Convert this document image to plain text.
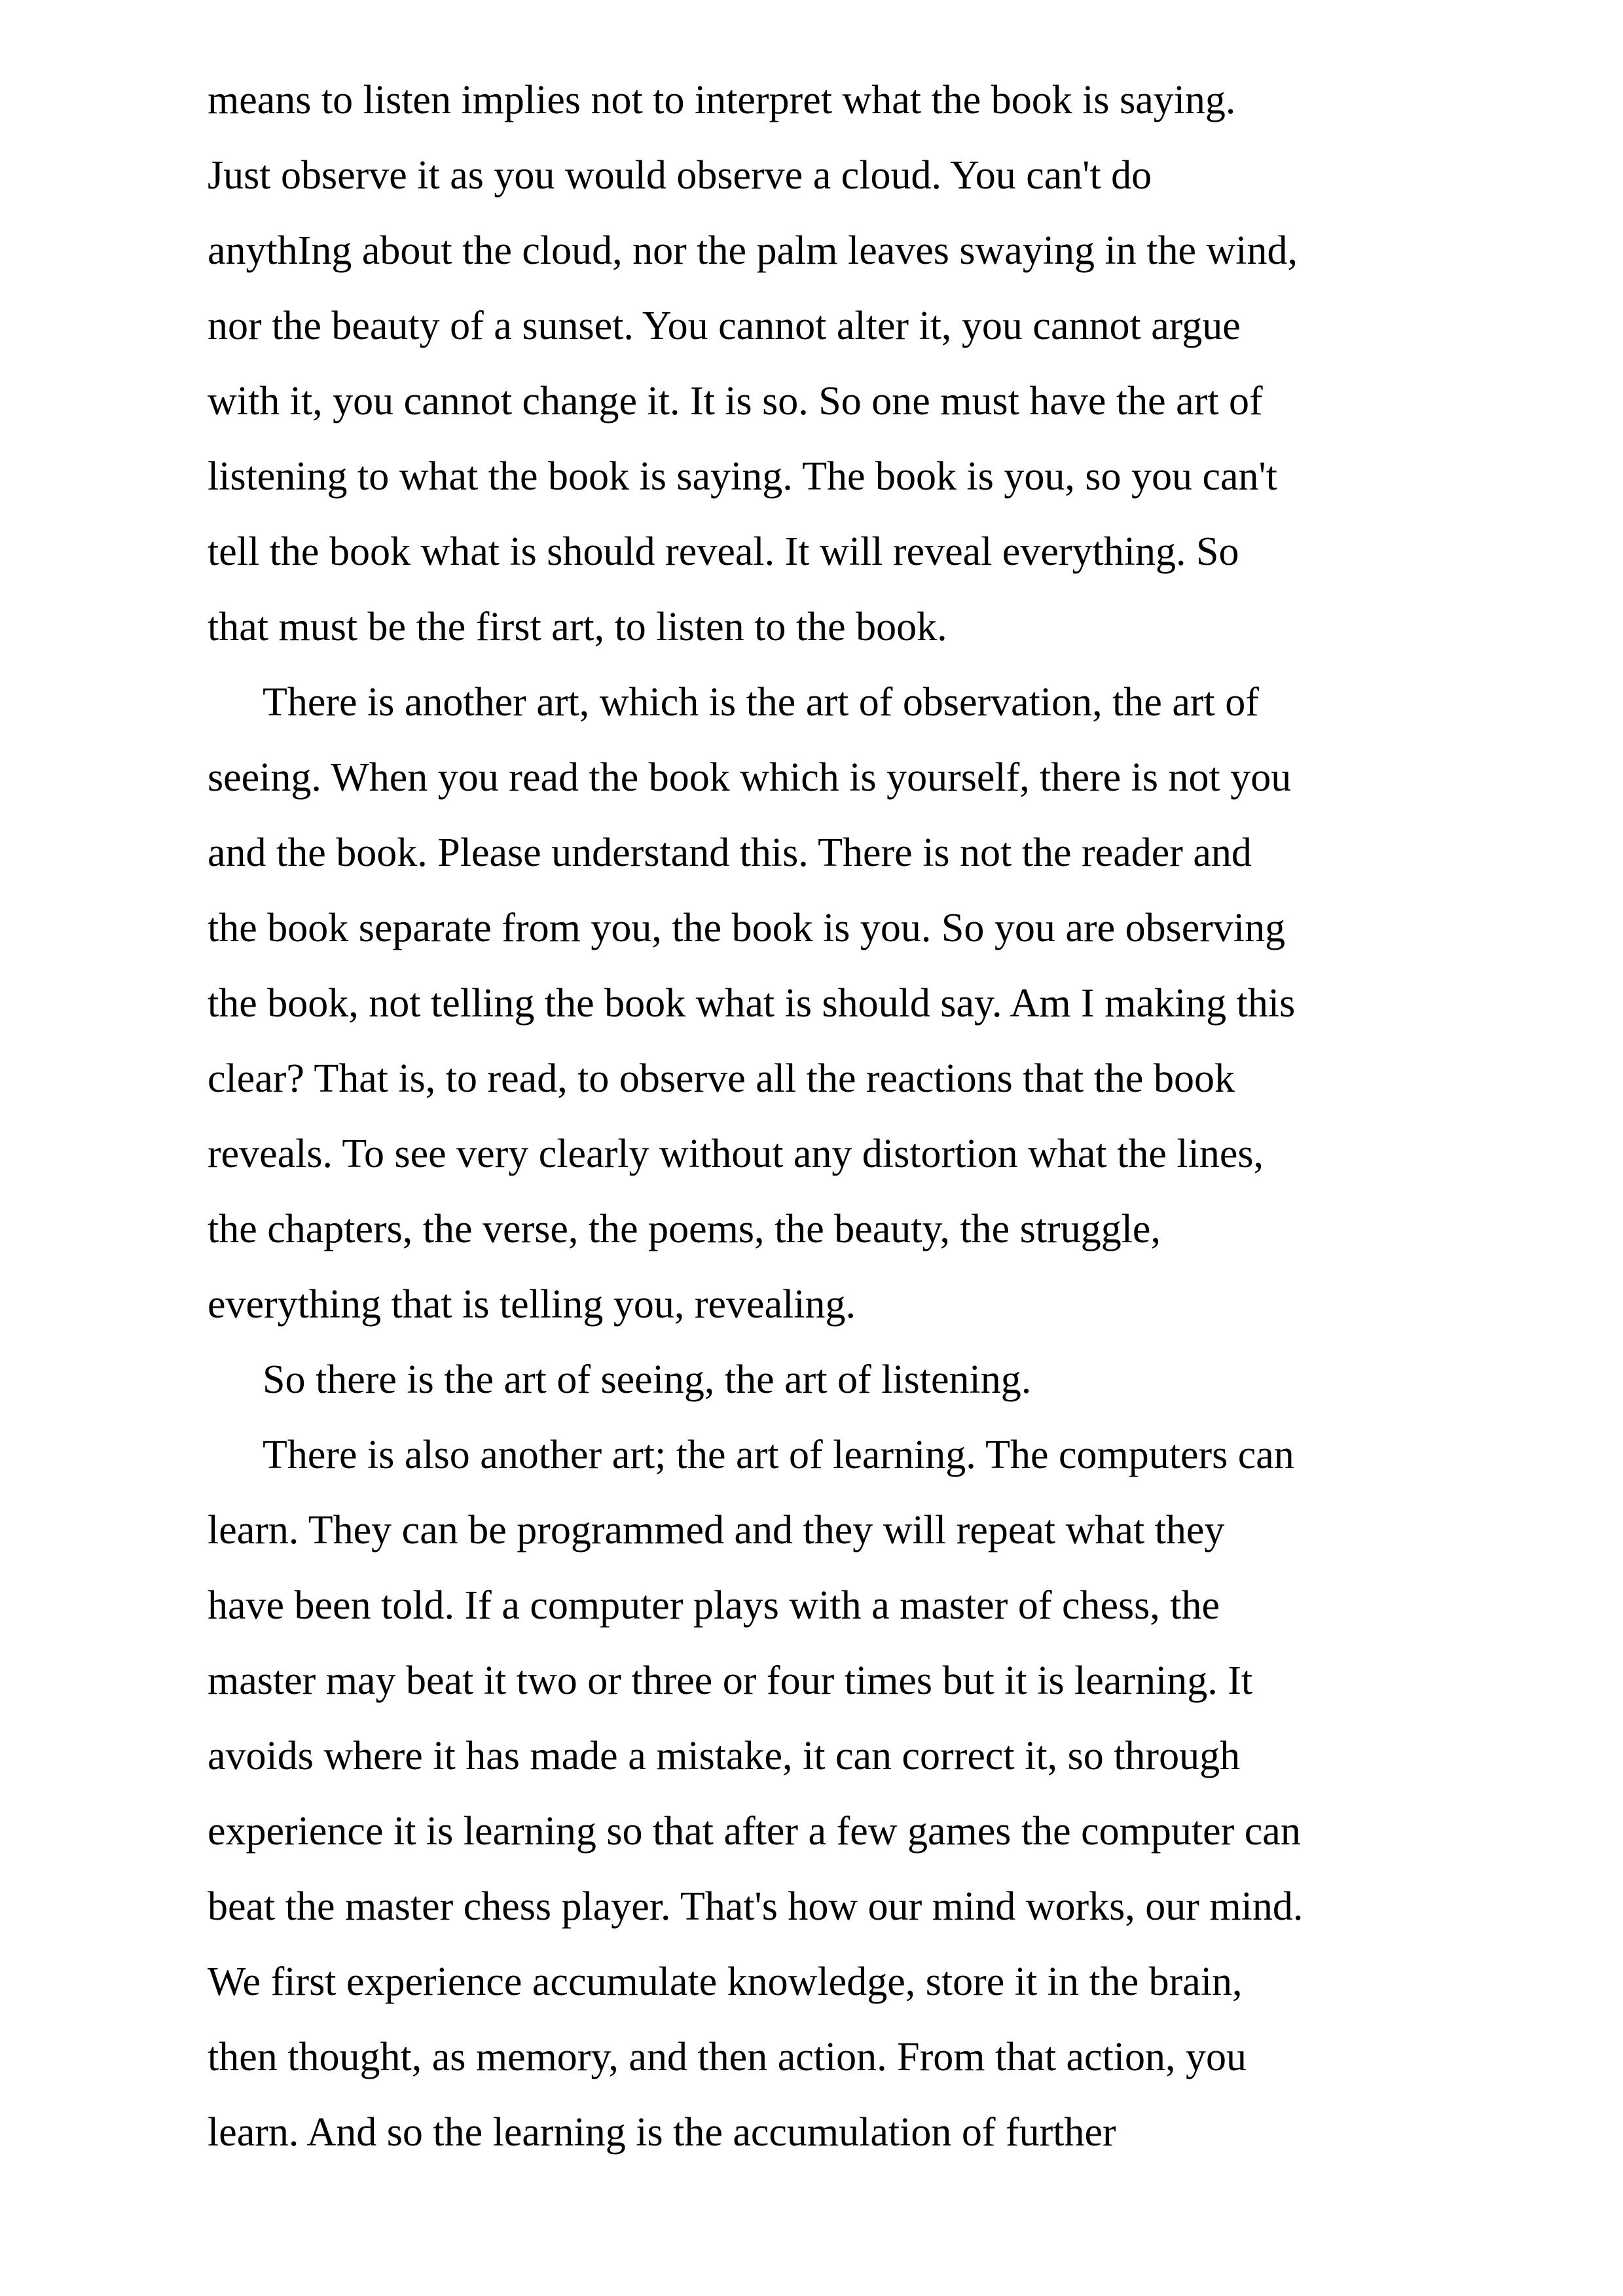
means to listen implies not to interpret what the book is saying.
Just observe it as you would observe a cloud. You can't do
anythIng about the cloud, nor the palm leaves swaying in the wind,
nor the beauty of a sunset. You cannot alter it, you cannot argue
with it, you cannot change it. It is so. So one must have the art of
listening to what the book is saying. The book is you, so you can't
tell the book what is should reveal. It will reveal everything. So
that must be the first art, to listen to the book.
There is another art, which is the art of observation, the art of
seeing. When you read the book which is yourself, there is not you
and the book. Please understand this. There is not the reader and
the book separate from you, the book is you. So you are observing
the book, not telling the book what is should say. Am I making this
clear? That is, to read, to observe all the reactions that the book
reveals. To see very clearly without any distortion what the lines,
the chapters, the verse, the poems, the beauty, the struggle,
everything that is telling you, revealing.
So there is the art of seeing, the art of listening.
There is also another art; the art of learning. The computers can
learn. They can be programmed and they will repeat what they
have been told. If a computer plays with a master of chess, the
master may beat it two or three or four times but it is learning. It
avoids where it has made a mistake, it can correct it, so through
experience it is learning so that after a few games the computer can
beat the master chess player. That's how our mind works, our mind.
We first experience accumulate knowledge, store it in the brain,
then thought, as memory, and then action. From that action, you
learn. And so the learning is the accumulation of further
